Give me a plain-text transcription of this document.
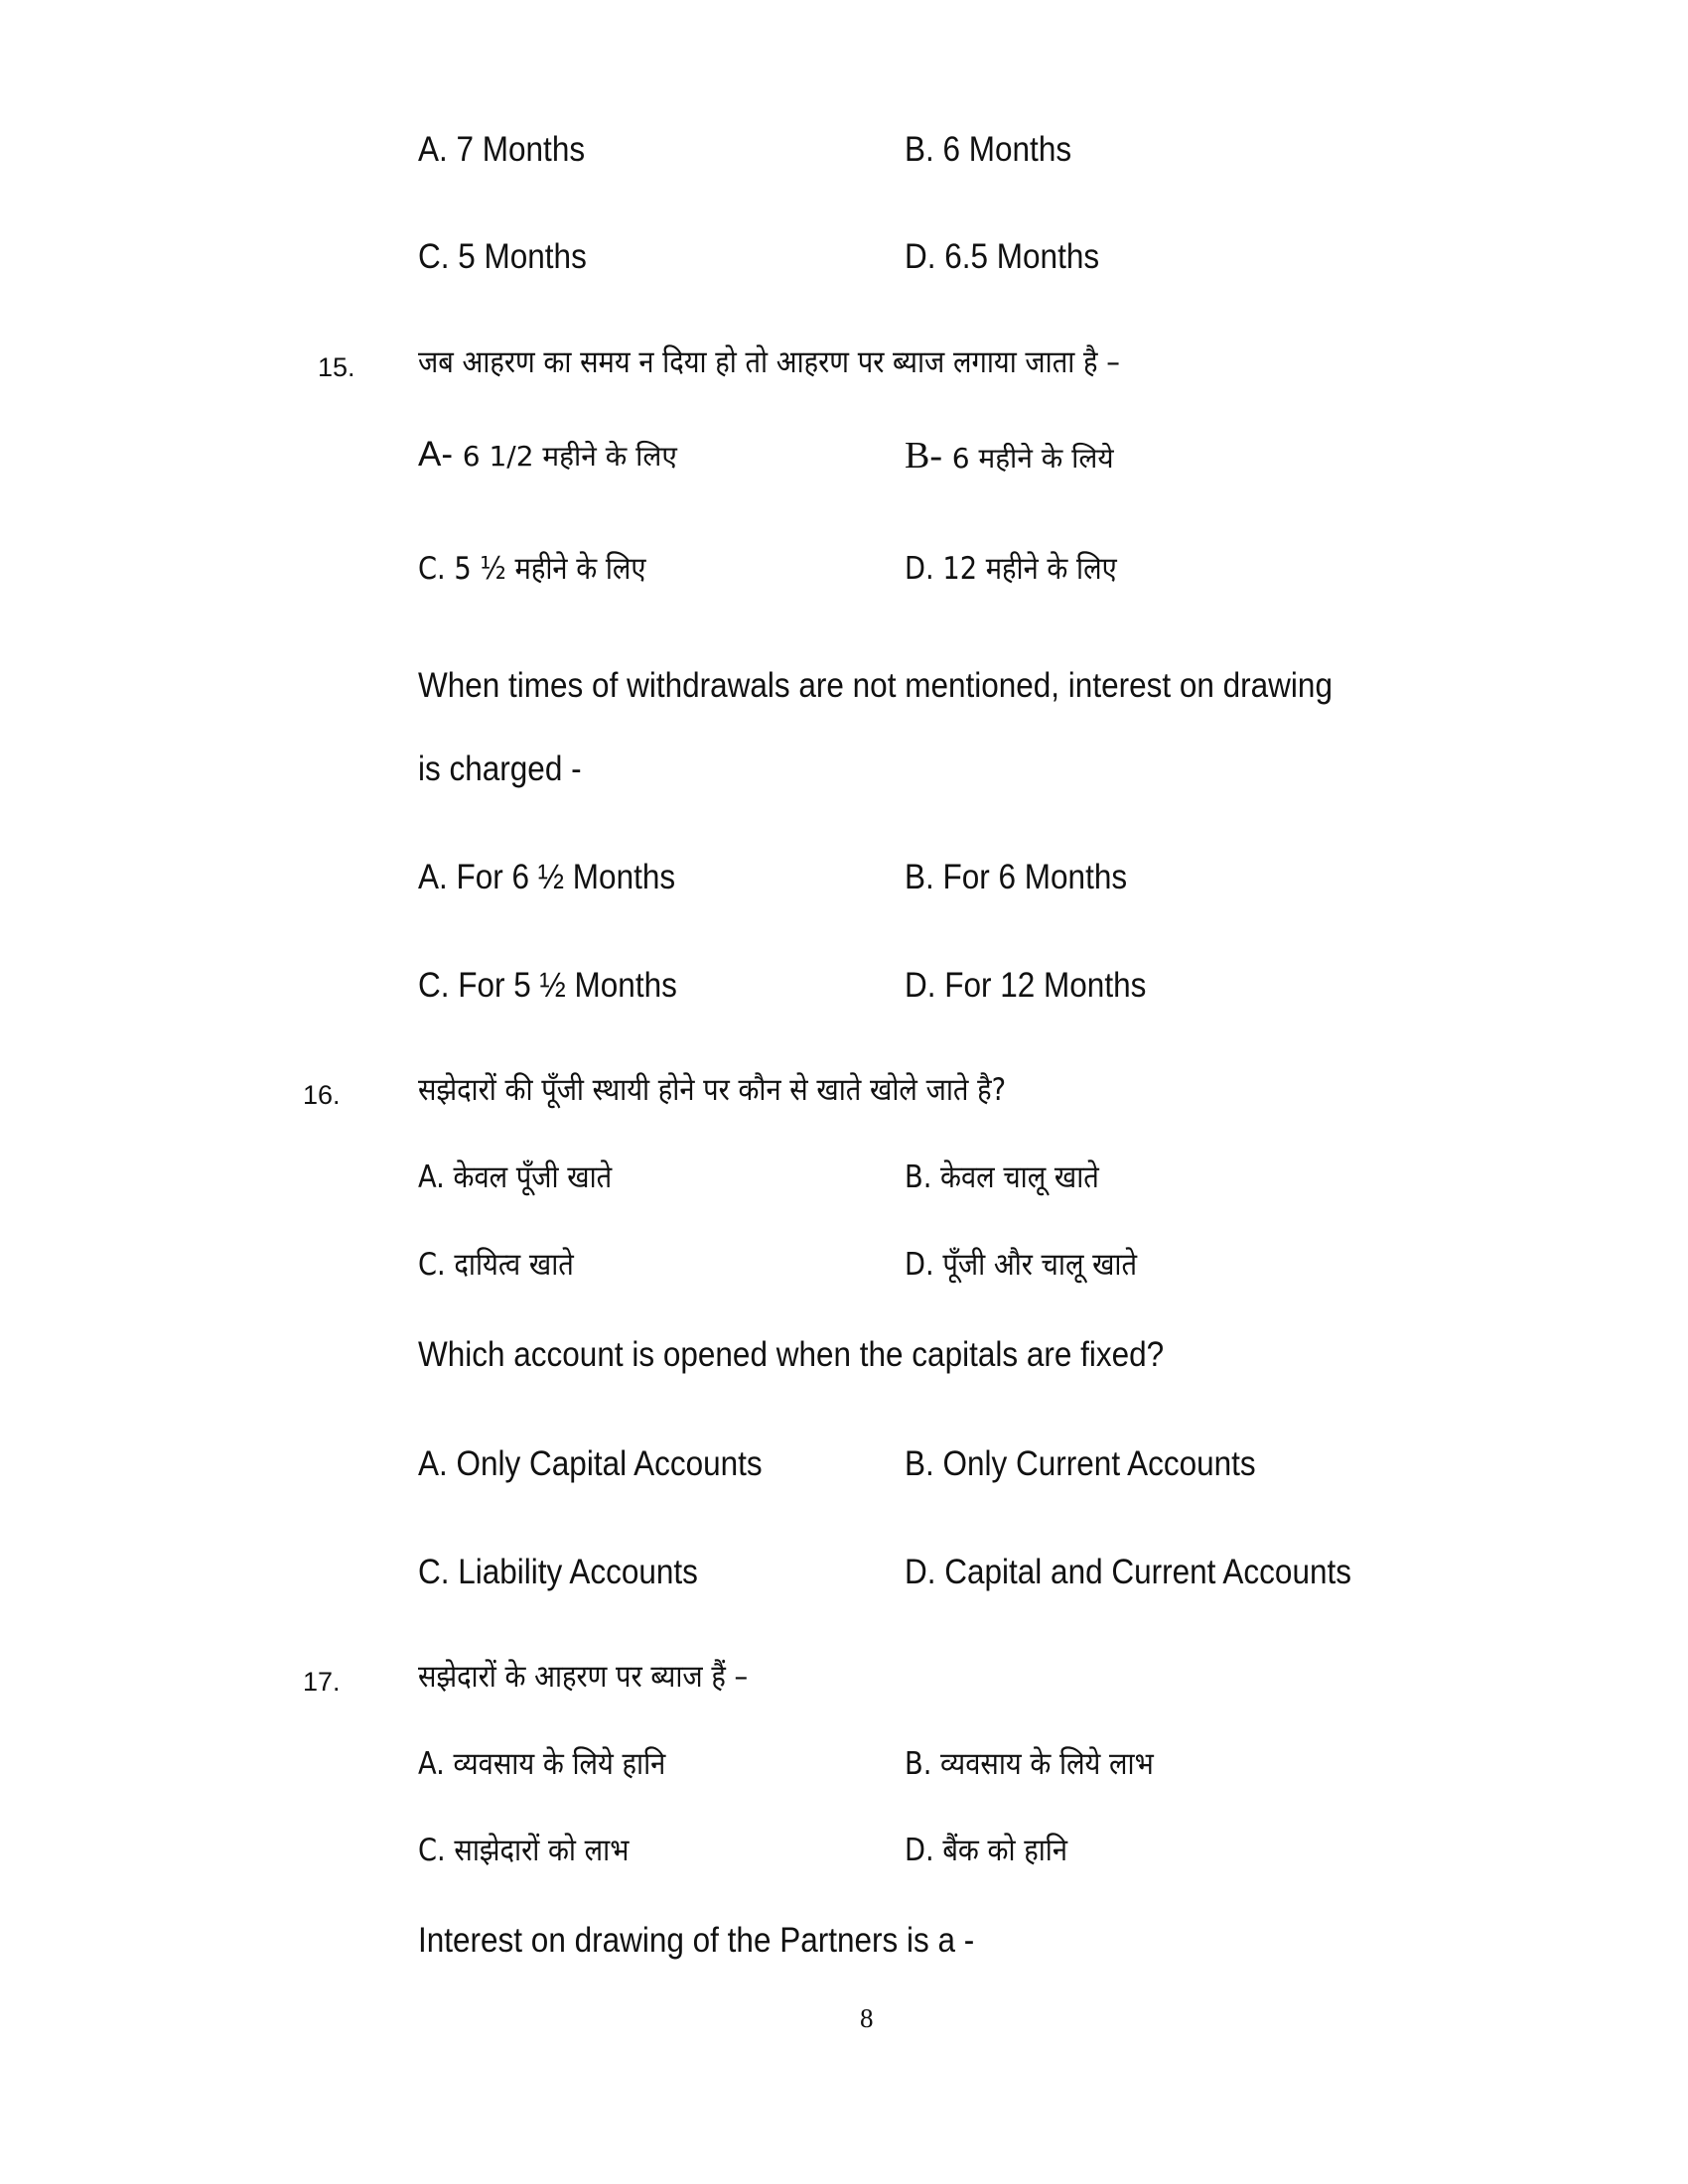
A. 7 Months	B. 6 Months
C. 5 Months	D. 6.5 Months
15. जब आहरण का समय न दिया हो तो आहरण पर ब्याज लगाया जाता है –
A- 6 1/2 महीने के लिए	B- 6 महीने के लिये
C. 5 ½ महीने के लिए	D. 12 महीने के लिए
When times of withdrawals are not mentioned, interest on drawing
is charged -
A. For 6 ½ Months	B. For 6 Months
C. For 5 ½ Months	D. For 12 Months
16.	सझेदारों की पूँजी स्थायी होने पर कौन से खाते खोले जाते है?
A. केवल पूँजी खाते	B. केवल चालू खाते
C. दायित्व खाते	D. पूँजी और चालू खाते
Which account is opened when the capitals are fixed?
A. Only Capital Accounts	B. Only Current Accounts
C. Liability Accounts	D. Capital and Current Accounts
17.	सझेदारों के आहरण पर ब्याज हैं –
A. व्यवसाय के लिये हानि	B. व्यवसाय के लिये लाभ
C. साझेदारों को लाभ	D. बैंक को हानि
Interest on drawing of the Partners is a -
8
